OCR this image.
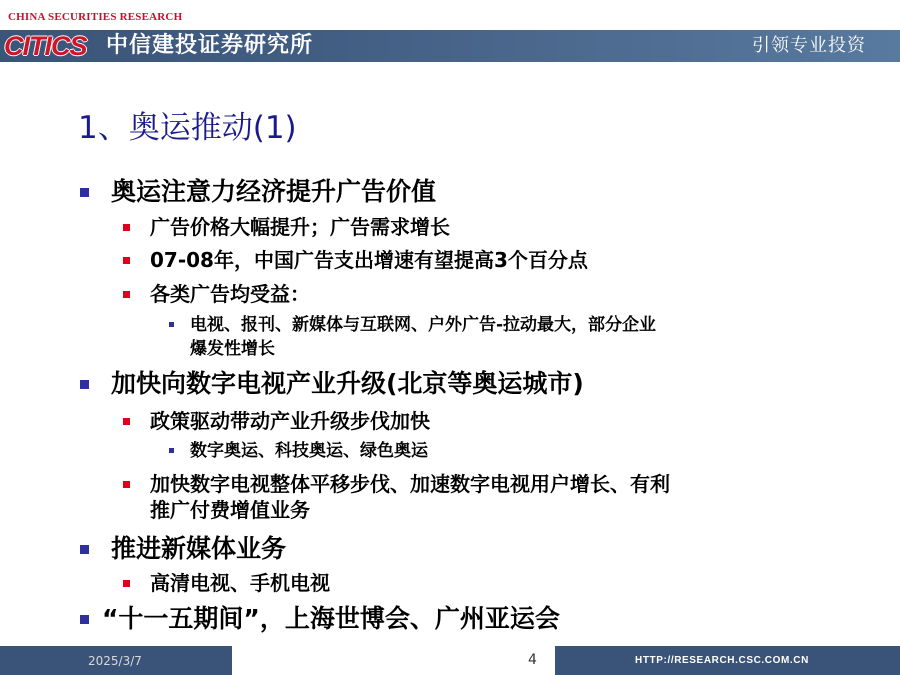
CHINA SECURITIES RESEARCH
CITICS 中信建投证券研究所	引领专业投资
1、奥运推动(1)
奥运注意力经济提升广告价值
广告价格大幅提升；广告需求增长
07-08年，中国广告支出增速有望提高3个百分点
各类广告均受益：
电视、报刊、新媒体与互联网、户外广告-拉动最大，部分企业
爆发性增长
加快向数字电视产业升级(北京等奥运城市)
政策驱动带动产业升级步伐加快
数字奥运、科技奥运、绿色奥运
加快数字电视整体平移步伐、加速数字电视用户增长、有利
推广付费增值业务
推进新媒体业务
高清电视、手机电视
“十一五期间”，上海世博会、广州亚运会
2025/3/7	4	HTTP://RESEARCH.CSC.COM.CN
